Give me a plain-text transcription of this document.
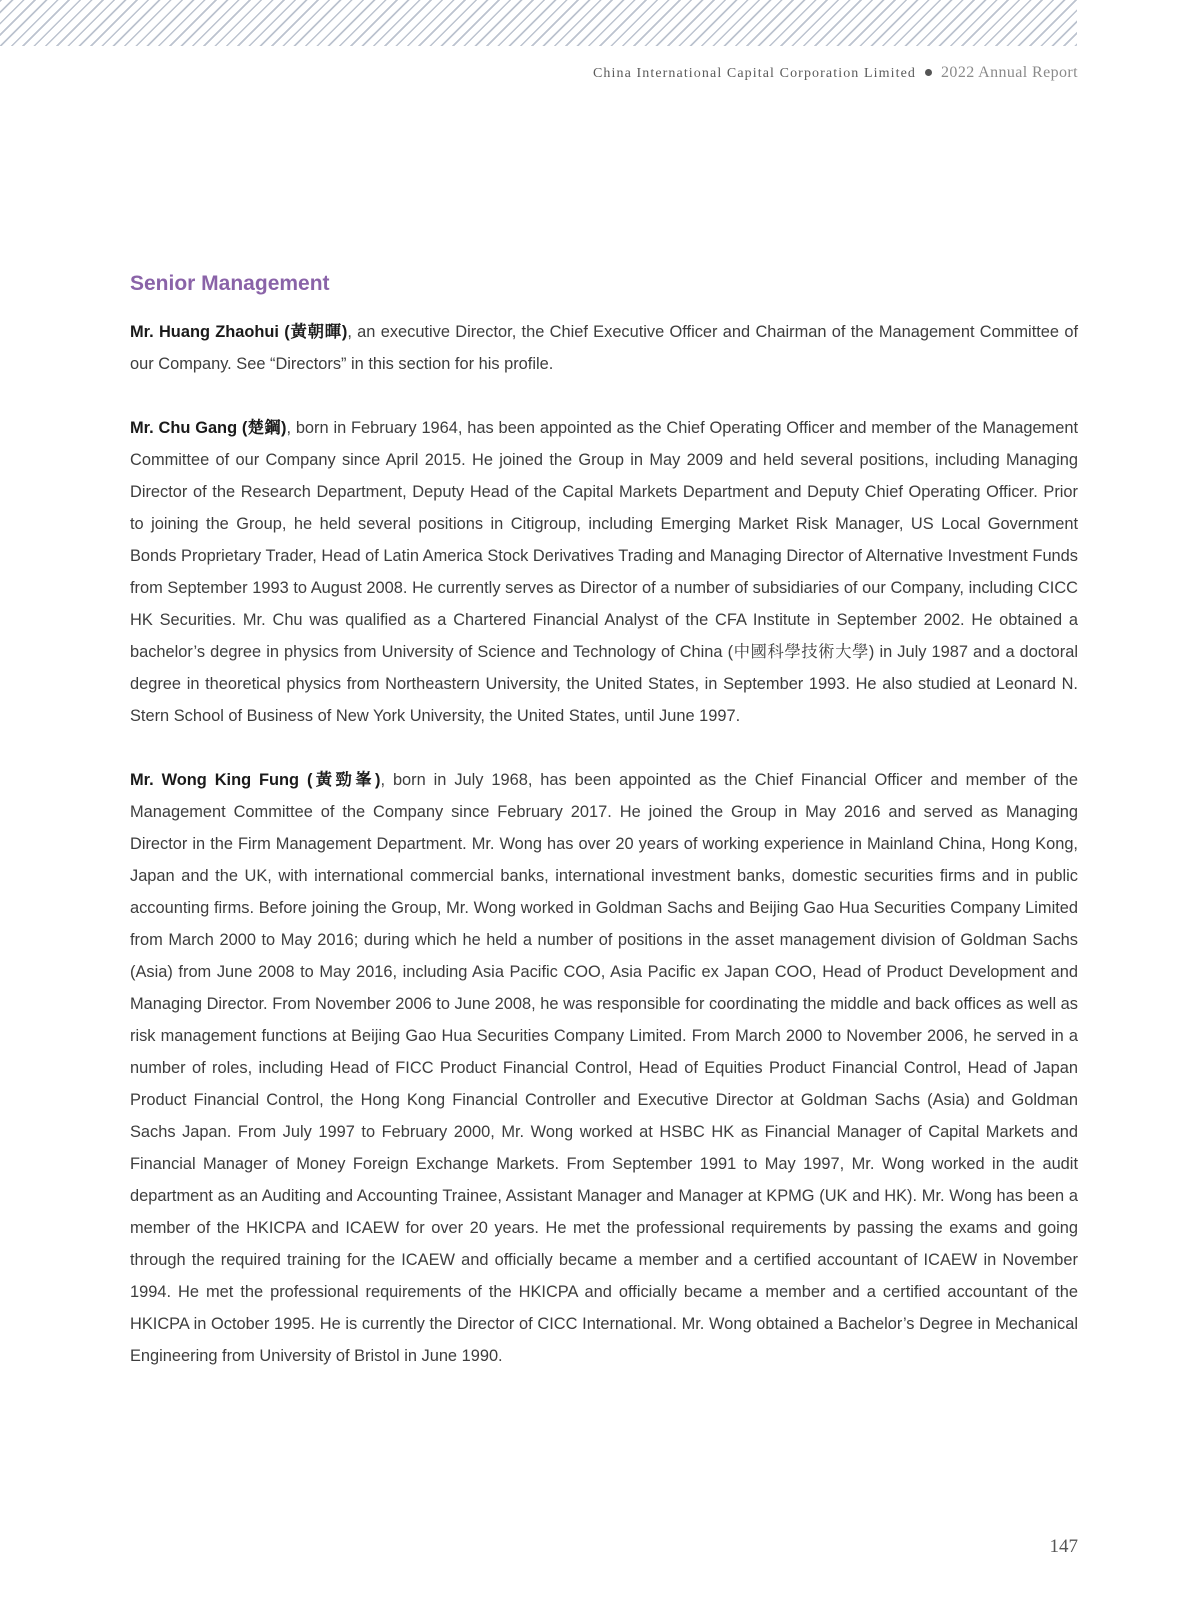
China International Capital Corporation Limited 2022 Annual Report
Senior Management

Mr. Huang Zhaohui (黃朝暉), an executive Director, the Chief Executive Officer and Chairman of the Management Committee of our Company. See “Directors” in this section for his profile.

Mr. Chu Gang (楚鋼), born in February 1964, has been appointed as the Chief Operating Officer and member of the Management Committee of our Company since April 2015. He joined the Group in May 2009 and held several positions, including Managing Director of the Research Department, Deputy Head of the Capital Markets Department and Deputy Chief Operating Officer. Prior to joining the Group, he held several positions in Citigroup, including Emerging Market Risk Manager, US Local Government Bonds Proprietary Trader, Head of Latin America Stock Derivatives Trading and Managing Director of Alternative Investment Funds from September 1993 to August 2008. He currently serves as Director of a number of subsidiaries of our Company, including CICC HK Securities. Mr. Chu was qualified as a Chartered Financial Analyst of the CFA Institute in September 2002. He obtained a bachelor’s degree in physics from University of Science and Technology of China (中國科學技術大學) in July 1987 and a doctoral degree in theoretical physics from Northeastern University, the United States, in September 1993. He also studied at Leonard N. Stern School of Business of New York University, the United States, until June 1997.

Mr. Wong King Fung (黃勁峯), born in July 1968, has been appointed as the Chief Financial Officer and member of the Management Committee of the Company since February 2017. He joined the Group in May 2016 and served as Managing Director in the Firm Management Department. Mr. Wong has over 20 years of working experience in Mainland China, Hong Kong, Japan and the UK, with international commercial banks, international investment banks, domestic securities firms and in public accounting firms. Before joining the Group, Mr. Wong worked in Goldman Sachs and Beijing Gao Hua Securities Company Limited from March 2000 to May 2016; during which he held a number of positions in the asset management division of Goldman Sachs (Asia) from June 2008 to May 2016, including Asia Pacific COO, Asia Pacific ex Japan COO, Head of Product Development and Managing Director. From November 2006 to June 2008, he was responsible for coordinating the middle and back offices as well as risk management functions at Beijing Gao Hua Securities Company Limited. From March 2000 to November 2006, he served in a number of roles, including Head of FICC Product Financial Control, Head of Equities Product Financial Control, Head of Japan Product Financial Control, the Hong Kong Financial Controller and Executive Director at Goldman Sachs (Asia) and Goldman Sachs Japan. From July 1997 to February 2000, Mr. Wong worked at HSBC HK as Financial Manager of Capital Markets and Financial Manager of Money Foreign Exchange Markets. From September 1991 to May 1997, Mr. Wong worked in the audit department as an Auditing and Accounting Trainee, Assistant Manager and Manager at KPMG (UK and HK). Mr. Wong has been a member of the HKICPA and ICAEW for over 20 years. He met the professional requirements by passing the exams and going through the required training for the ICAEW and officially became a member and a certified accountant of ICAEW in November 1994. He met the professional requirements of the HKICPA and officially became a member and a certified accountant of the HKICPA in October 1995. He is currently the Director of CICC International. Mr. Wong obtained a Bachelor’s Degree in Mechanical Engineering from University of Bristol in June 1990.

147
